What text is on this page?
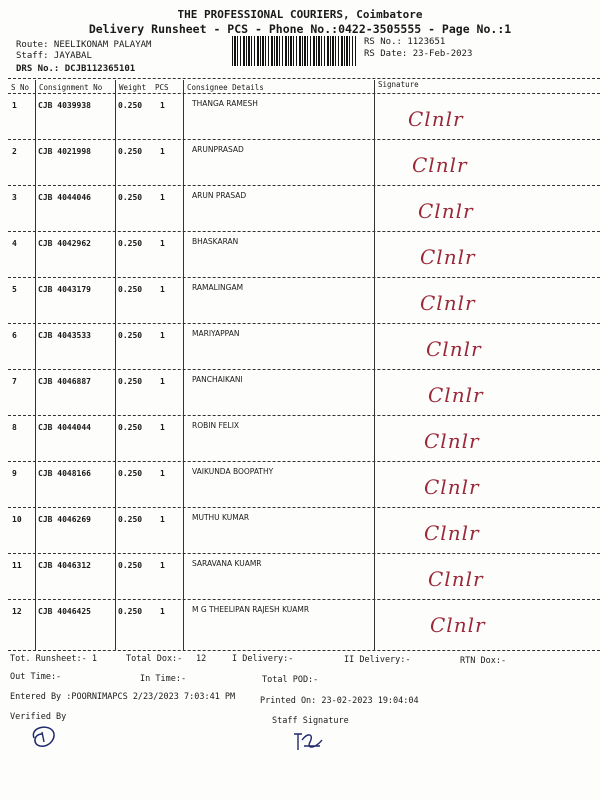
THE PROFESSIONAL COURIERS, Coimbatore
Delivery Runsheet - PCS - Phone No.:0422-3505555 - Page No.:1
Route: NEELIKONAM PALAYAM
Staff: JAYABAL
DRS No.: DCJB112365101
RS No.: 1123651
RS Date: 23-Feb-2023
S No Consignment No Weight PCS Consignee Details	Signature
1	CJB 4039938	0.250 1	THANGA RAMESH
Clnlr
2	CJB 4021998	0.250 1	ARUNPRASAD
Clnlr
3	CJB 4044046	0.250 1	ARUN PRASAD
Clnlr
4	CJB 4042962	0.250 1	BHASKARAN
Clnlr
5	CJB 4043179	0.250 1	RAMALINGAM
Clnlr
6	CJB 4043533	0.250 1	MARIYAPPAN
Clnlr
7	CJB 4046887	0.250 1	PANCHAIKANI
Clnlr
8	CJB 4044044	0.250 1	ROBIN FELIX
Clnlr
9	CJB 4048166	0.250 1	VAIKUNDA BOOPATHY
Clnlr
10 CJB 4046269	0.250 1	MUTHU KUMAR
Clnlr
11 CJB 4046312	0.250 1	SARAVANA KUAMR
Clnlr
12 CJB 4046425	0.250 1	M G THEELIPAN RAJESH KUAMR
Clnlr
Tot. Runsheet:- 1	Total Dox:- 12	I Delivery:-	II Delivery:-	RTN Dox:-
Out Time:-	In Time:-	Total POD:-
Entered By :POORNIMAPCS 2/23/2023 7:03:41 PM	Printed On: 23-02-2023 19:04:04
Verified By	Staff Signature
